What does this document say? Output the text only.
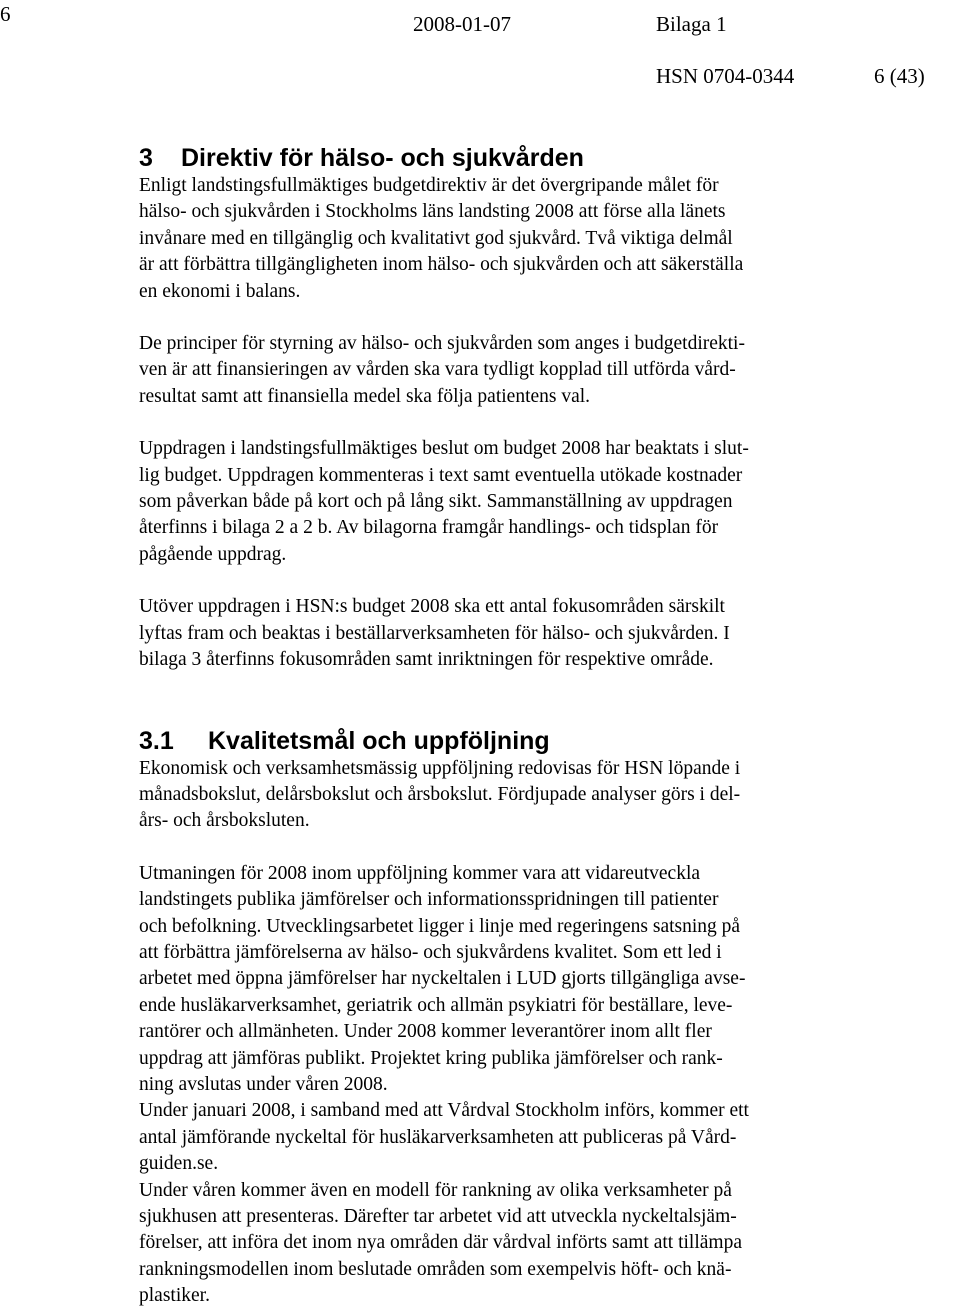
6	2008-01-07	Bilaga 1
HSN 0704-0344	6 (43)
3 Direktiv för hälso- och sjukvården

Enligt landstingsfullmäktiges budgetdirektiv är det övergripande målet för
hälso- och sjukvården i Stockholms läns landsting 2008 att förse alla länets
invånare med en tillgänglig och kvalitativt god sjukvård. Två viktiga delmål
är att förbättra tillgängligheten inom hälso- och sjukvården och att säkerställa
en ekonomi i balans.

De principer för styrning av hälso- och sjukvården som anges i budgetdirekti-
ven är att finansieringen av vården ska vara tydligt kopplad till utförda vård-
resultat samt att finansiella medel ska följa patientens val.

Uppdragen i landstingsfullmäktiges beslut om budget 2008 har beaktats i slut-
lig budget. Uppdragen kommenteras i text samt eventuella utökade kostnader
som påverkan både på kort och på lång sikt. Sammanställning av uppdragen
återfinns i bilaga 2 a 2 b. Av bilagorna framgår handlings- och tidsplan för
pågående uppdrag.

Utöver uppdragen i HSN:s budget 2008 ska ett antal fokusområden särskilt
lyftas fram och beaktas i beställarverksamheten för hälso- och sjukvården. I
bilaga 3 återfinns fokusområden samt inriktningen för respektive område.

3.1 Kvalitetsmål och uppföljning

Ekonomisk och verksamhetsmässig uppföljning redovisas för HSN löpande i
månadsbokslut, delårsbokslut och årsbokslut. Fördjupade analyser görs i del-
års- och årsboksluten.

Utmaningen för 2008 inom uppföljning kommer vara att vidareutveckla
landstingets publika jämförelser och informationsspridningen till patienter
och befolkning. Utvecklingsarbetet ligger i linje med regeringens satsning på
att förbättra jämförelserna av hälso- och sjukvårdens kvalitet. Som ett led i
arbetet med öppna jämförelser har nyckeltalen i LUD gjorts tillgängliga avse-
ende husläkarverksamhet, geriatrik och allmän psykiatri för beställare, leve-
rantörer och allmänheten. Under 2008 kommer leverantörer inom allt fler
uppdrag att jämföras publikt. Projektet kring publika jämförelser och rank-
ning avslutas under våren 2008.

Under januari 2008, i samband med att Vårdval Stockholm införs, kommer ett
antal jämförande nyckeltal för husläkarverksamheten att publiceras på Vård-
guiden.se.

Under våren kommer även en modell för rankning av olika verksamheter på
sjukhusen att presenteras. Därefter tar arbetet vid att utveckla nyckeltalsjäm-
förelser, att införa det inom nya områden där vårdval införts samt att tillämpa
rankningsmodellen inom beslutade områden som exempelvis höft- och knä-
plastiker.
